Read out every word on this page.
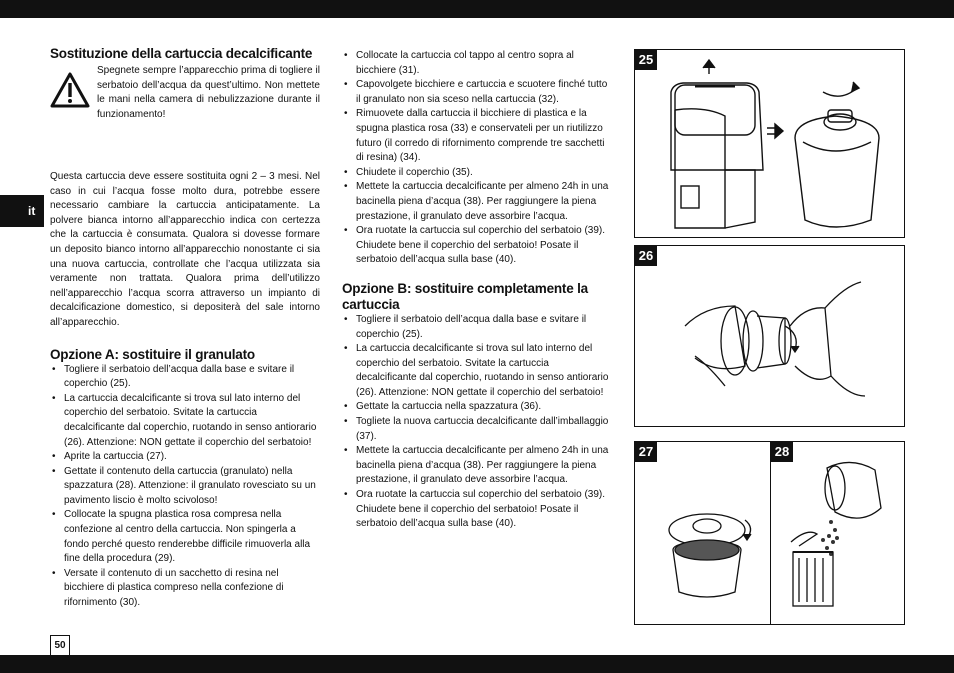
it
Sostituzione della cartuccia decalcificante

Spegnete sempre l’apparecchio prima di togliere il serbatoio dell’acqua da quest’ultimo. Non mettete le mani nella camera di nebulizzazione durante il funzionamento!

Questa cartuccia deve essere sostituita ogni 2 – 3 mesi. Nel caso in cui l’acqua fosse molto dura, potrebbe essere necessario cambiare la cartuccia anticipatamente. La polvere bianca intorno all’apparecchio indica con certezza che la cartuccia è consumata. Qualora si dovesse formare un deposito bianco intorno all’apparecchio nonostante ci sia una nuova cartuccia, controllate che l’acqua utilizzata sia veramente non trattata. Qualora prima dell’utilizzo nell’apparecchio l’acqua scorra attraverso un impianto di decalcificazione domestico, si depositerà del sale intorno all’apparecchio.

Opzione A: sostituire il granulato
• Togliere il serbatoio dell’acqua dalla base e svitare il coperchio (25).
• La cartuccia decalcificante si trova sul lato interno del coperchio del serbatoio. Svitate la cartuccia decalcificante dal coperchio, ruotando in senso antiorario (26). Attenzione: NON gettate il coperchio del serbatoio!
• Aprite la cartuccia (27).
• Gettate il contenuto della cartuccia (granulato) nella spazzatura (28). Attenzione: il granulato rovesciato su un pavimento liscio è molto scivoloso!
• Collocate la spugna plastica rosa compresa nella confezione al centro della cartuccia. Non spingerla a fondo perché questo renderebbe difficile rimuoverla alla fine della procedura (29).
• Versate il contenuto di un sacchetto di resina nel bicchiere di plastica compreso nella confezione di rifornimento (30).
• Collocate la cartuccia col tappo al centro sopra al bicchiere (31).
• Capovolgete bicchiere e cartuccia e scuotere finché tutto il granulato non sia sceso nella cartuccia (32).
• Rimuovete dalla cartuccia il bicchiere di plastica e la spugna plastica rosa (33) e conservateli per un riutilizzo futuro (il corredo di rifornimento comprende tre sacchetti di resina) (34).
• Chiudete il coperchio (35).
• Mettete la cartuccia decalcificante per almeno 24h in una bacinella piena d’acqua (38). Per raggiungere la piena prestazione, il granulato deve assorbire l’acqua.
• Ora ruotate la cartuccia sul coperchio del serbatoio (39). Chiudete bene il coperchio del serbatoio! Posate il serbatoio dell’acqua sulla base (40).
Opzione B: sostituire completamente la cartuccia
• Togliere il serbatoio dell’acqua dalla base e svitare il coperchio (25).
• La cartuccia decalcificante si trova sul lato interno del coperchio del serbatoio. Svitate la cartuccia decalcificante dal coperchio, ruotando in senso antiorario (26). Attenzione: NON gettate il coperchio del serbatoio!
• Gettate la cartuccia nella spazzatura (36).
• Togliete la nuova cartuccia decalcificante dall’imballaggio (37).
• Mettete la cartuccia decalcificante per almeno 24h in una bacinella piena d’acqua (38). Per raggiungere la piena prestazione, il granulato deve assorbire l’acqua.
• Ora ruotate la cartuccia sul coperchio del serbatoio (39). Chiudete bene il coperchio del serbatoio! Posate il serbatoio dell’acqua sulla base (40).
25
26
27	28
50
